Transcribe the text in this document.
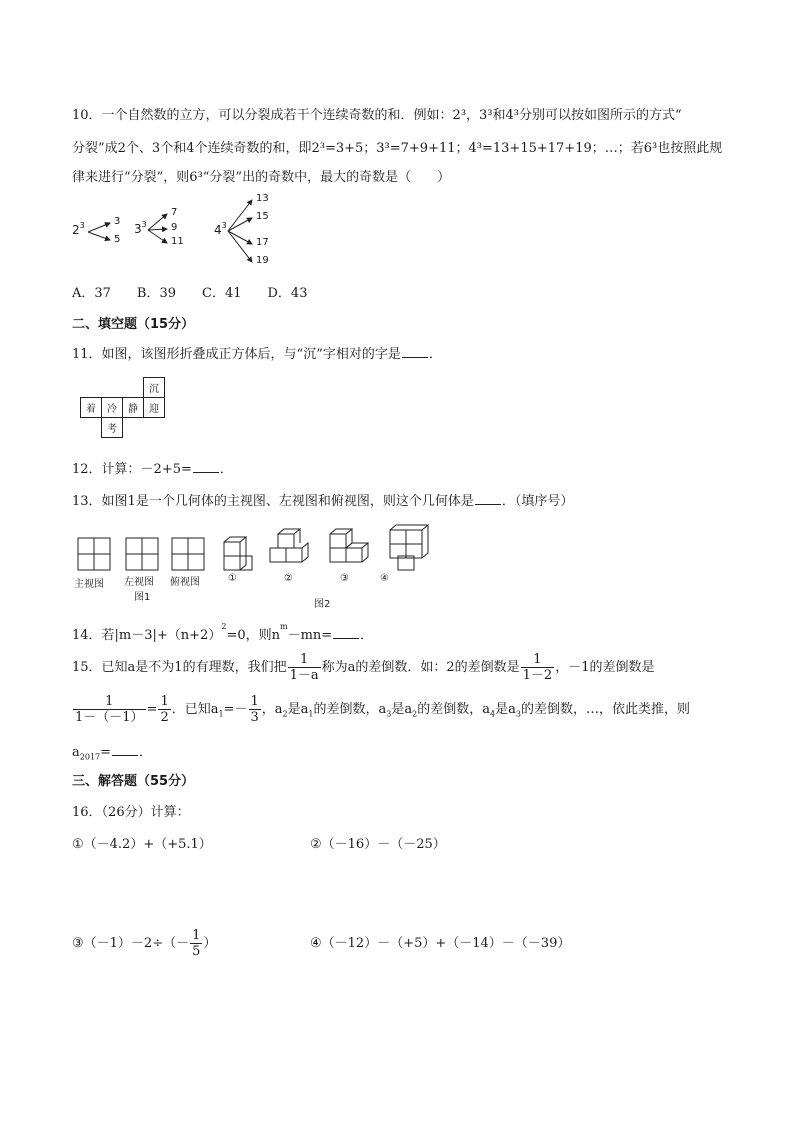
10．一个自然数的立方，可以分裂成若干个连续奇数的和．例如：2³，3³和4³分别可以按如图所示的方式“
分裂”成2个、3个和4个连续奇数的和，即2³=3+5；3³=7+9+11；4³=13+15+17+19；…；若6³也按照此规
律来进行“分裂”，则6³“分裂”出的奇数中，最大的奇数是（　　）
$2^3$	3
5
$3^3$
7
9
11
$4^3$
13
15
17
19
A．37　　B．39　　C．41　　D．43
二、填空题（15分）
11．如图，该图形折叠成正方体后，与“沉”字相对的字是 ．
			沉
着	冷	静	迎
	考		
12．计算：－2+5= ．
13．如图1是一个几何体的主视图、左视图和俯视图，则这个几何体是 ．（填序号）
主视图 左视图 俯视图
图1
①	②	③	④
图2
14．若$|m-3|+(n+2)^2=0$，则$n^m-mn=$ ．
15．已知a是不为1的有理数，我们把 $\frac{1}{1-a}$ 称为a的差倒数．如：2的差倒数是 $\frac{1}{1-2}$ ，－1的差倒数是
$\frac{1}{1-(-1)} = \frac{1}{2}$ ．已知$a_1=- \frac{1}{3}$ ，$a_2$是$a_1$的差倒数，$a_3$是$a_2$的差倒数，$a_4$是$a_3$的差倒数，…，依此类推，则
$a_{2017}=$ ．
三、解答题（55分）
16．（26分）计算：
①（－4.2）+（+5.1）	②（－16）－（－25）
③（－1）－2÷（－ $\frac{1}{5}$ ）	④（－12）－（+5）+（－14）－（－39）
